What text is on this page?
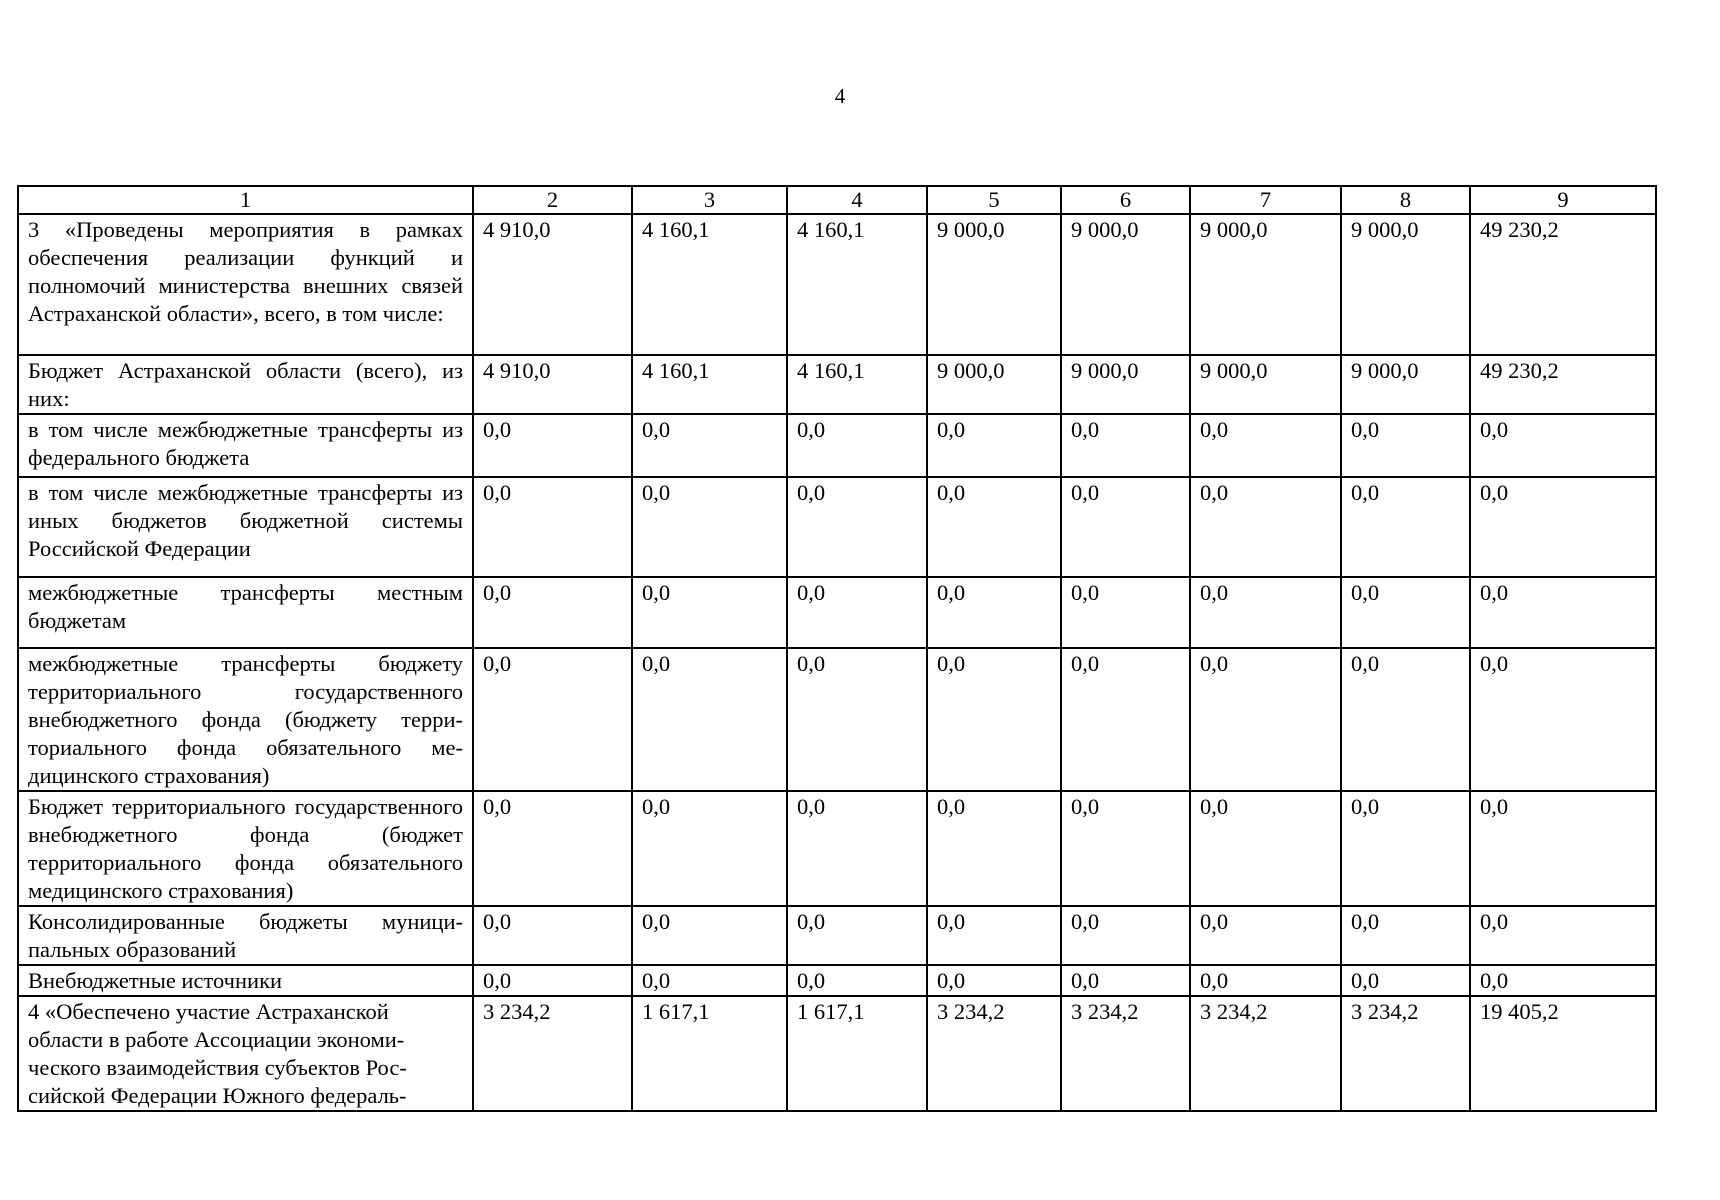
4
1	2	3	4	5	6	7	8	9
3 «Проведены мероприятия в рамках обеспечения реализации функций и полномочий министерства внешних связей Астраханской области», всего, в том числе:	4 910,0	4 160,1	4 160,1	9 000,0	9 000,0	9 000,0	9 000,0	49 230,2
Бюджет Астраханской области (всего), из них:	4 910,0	4 160,1	4 160,1	9 000,0	9 000,0	9 000,0	9 000,0	49 230,2
в том числе межбюджетные трансферты из федерального бюджета	0,0	0,0	0,0	0,0	0,0	0,0	0,0	0,0
в том числе межбюджетные трансферты из иных бюджетов бюджетной системы Российской Федерации	0,0	0,0	0,0	0,0	0,0	0,0	0,0	0,0
межбюджетные трансферты местным бюджетам	0,0	0,0	0,0	0,0	0,0	0,0	0,0	0,0
межбюджетные трансферты бюджету территориального государственного внебюджетного фонда (бюджету территориального фонда обязательного медицинского страхования)	0,0	0,0	0,0	0,0	0,0	0,0	0,0	0,0
Бюджет территориального государственного внебюджетного фонда (бюджет территориального фонда обязательного медицинского страхования)	0,0	0,0	0,0	0,0	0,0	0,0	0,0	0,0
Консолидированные бюджеты муниципальных образований	0,0	0,0	0,0	0,0	0,0	0,0	0,0	0,0
Внебюджетные источники	0,0	0,0	0,0	0,0	0,0	0,0	0,0	0,0
4 «Обеспечено участие Астраханской области в работе Ассоциации экономического взаимодействия субъектов Российской Федерации Южного федераль-	3 234,2	1 617,1	1 617,1	3 234,2	3 234,2	3 234,2	3 234,2	19 405,2
